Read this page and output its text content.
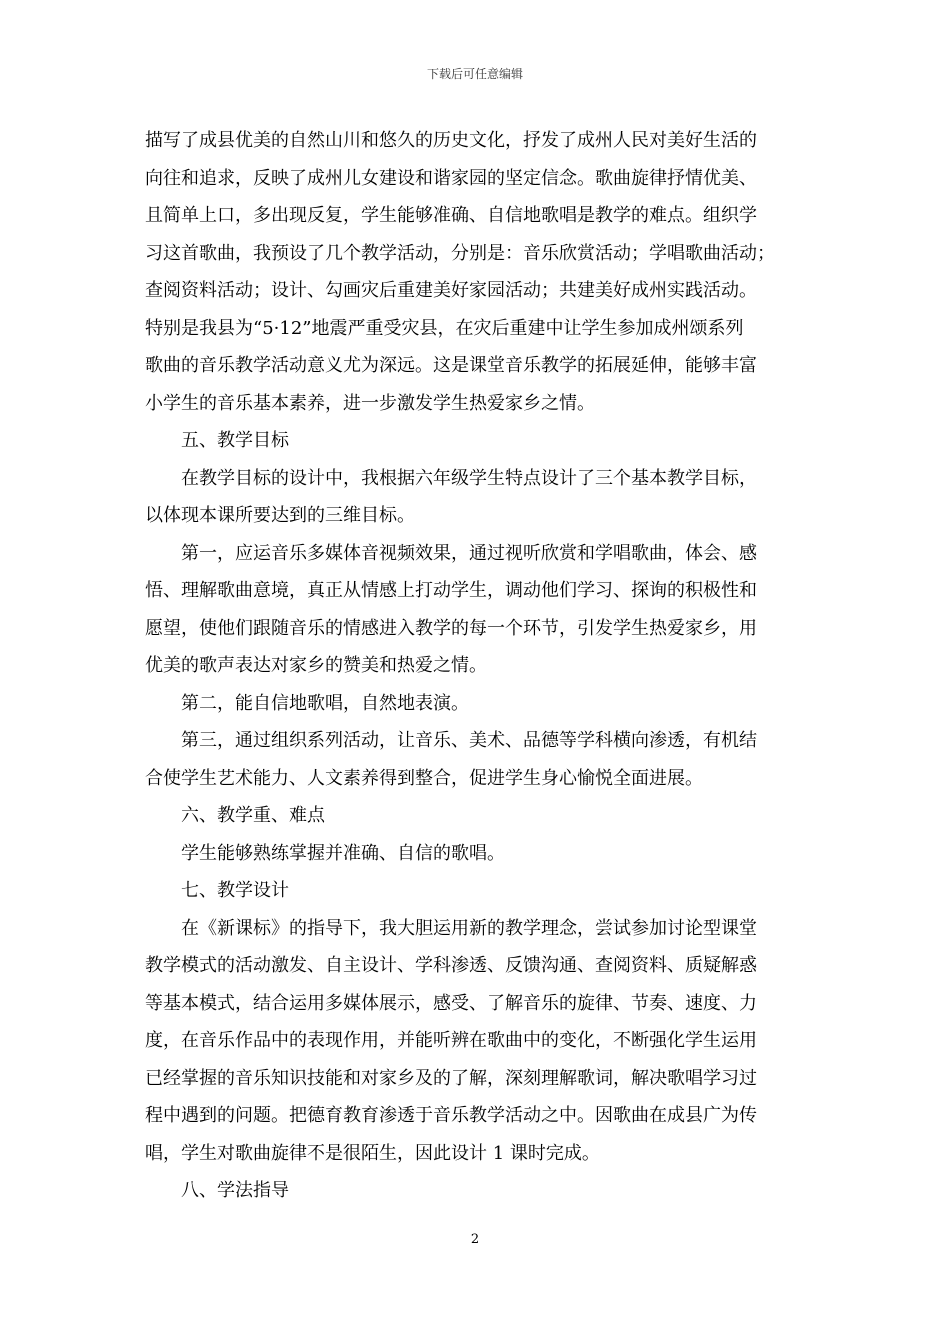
下载后可任意编辑

描写了成县优美的自然山川和悠久的历史文化，抒发了成州人民对美好生活的
向往和追求，反映了成州儿女建设和谐家园的坚定信念。歌曲旋律抒情优美、
且简单上口，多出现反复，学生能够准确、自信地歌唱是教学的难点。组织学
习这首歌曲，我预设了几个教学活动，分别是：音乐欣赏活动；学唱歌曲活动；
查阅资料活动；设计、勾画灾后重建美好家园活动；共建美好成州实践活动。
特别是我县为“5·12”地震严重受灾县，在灾后重建中让学生参加成州颂系列
歌曲的音乐教学活动意义尤为深远。这是课堂音乐教学的拓展延伸，能够丰富
小学生的音乐基本素养，进一步激发学生热爱家乡之情。

五、教学目标

在教学目标的设计中，我根据六年级学生特点设计了三个基本教学目标，
以体现本课所要达到的三维目标。

第一，应运音乐多媒体音视频效果，通过视听欣赏和学唱歌曲，体会、感
悟、理解歌曲意境，真正从情感上打动学生，调动他们学习、探询的积极性和
愿望，使他们跟随音乐的情感进入教学的每一个环节，引发学生热爱家乡，用
优美的歌声表达对家乡的赞美和热爱之情。

第二，能自信地歌唱，自然地表演。

第三，通过组织系列活动，让音乐、美术、品德等学科横向渗透，有机结
合使学生艺术能力、人文素养得到整合，促进学生身心愉悦全面进展。

六、教学重、难点

学生能够熟练掌握并准确、自信的歌唱。

七、教学设计

在《新课标》的指导下，我大胆运用新的教学理念，尝试参加讨论型课堂
教学模式的活动激发、自主设计、学科渗透、反馈沟通、查阅资料、质疑解惑
等基本模式，结合运用多媒体展示，感受、了解音乐的旋律、节奏、速度、力
度，在音乐作品中的表现作用，并能听辨在歌曲中的变化，不断强化学生运用
已经掌握的音乐知识技能和对家乡及的了解，深刻理解歌词，解决歌唱学习过
程中遇到的问题。把德育教育渗透于音乐教学活动之中。因歌曲在成县广为传
唱，学生对歌曲旋律不是很陌生，因此设计 1 课时完成。

八、学法指导

2
